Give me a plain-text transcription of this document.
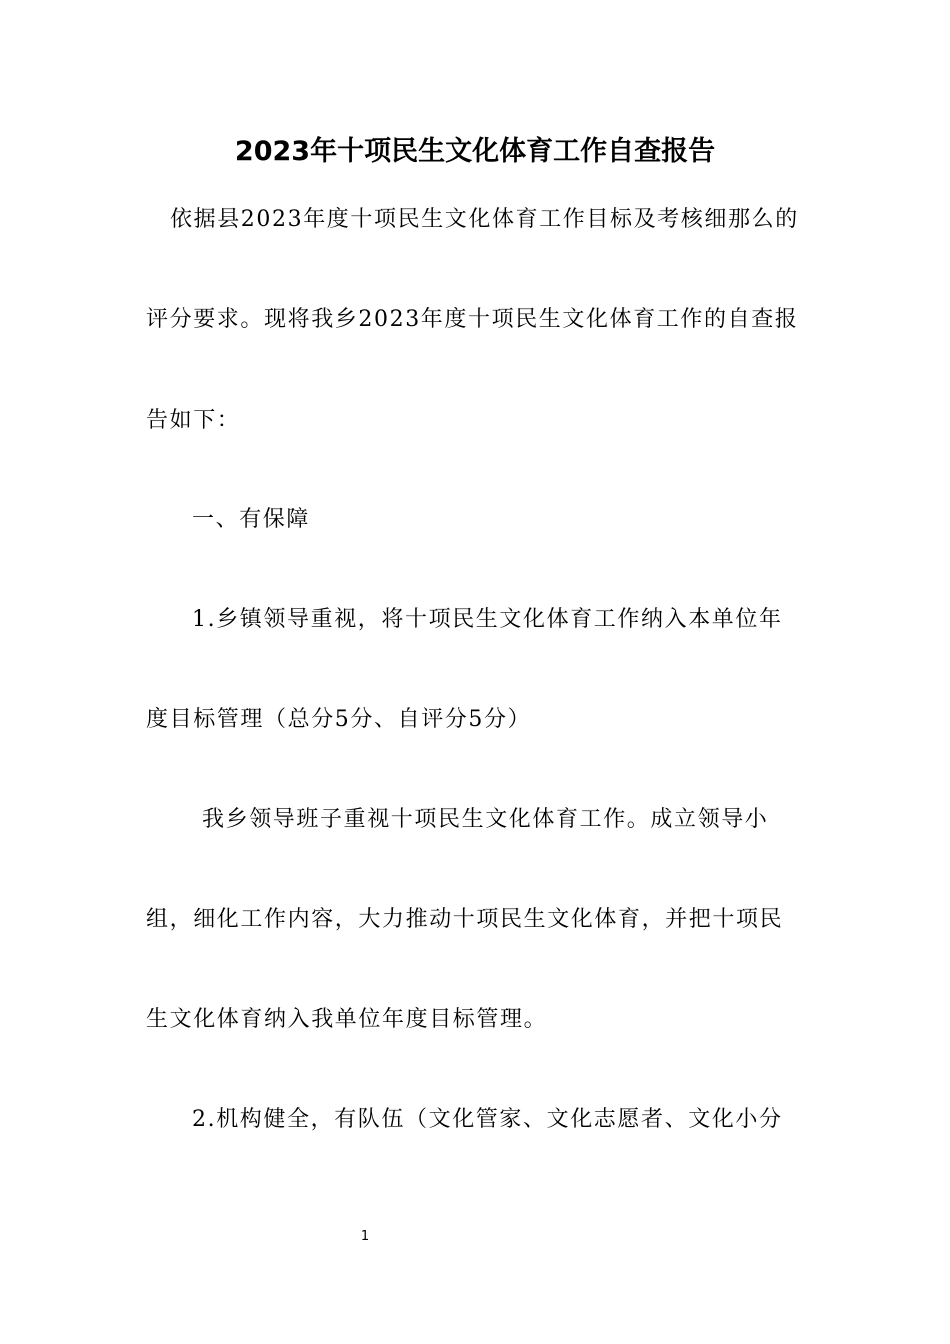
2023年十项民生文化体育工作自查报告
依据县2023年度十项民生文化体育工作目标及考核细那么的
评分要求。现将我乡2023年度十项民生文化体育工作的自查报
告如下：
一、有保障
1.乡镇领导重视，将十项民生文化体育工作纳入本单位年
度目标管理（总分5分、自评分5分）
我乡领导班子重视十项民生文化体育工作。成立领导小
组，细化工作内容，大力推动十项民生文化体育，并把十项民
生文化体育纳入我单位年度目标管理。
2.机构健全，有队伍（文化管家、文化志愿者、文化小分
1
